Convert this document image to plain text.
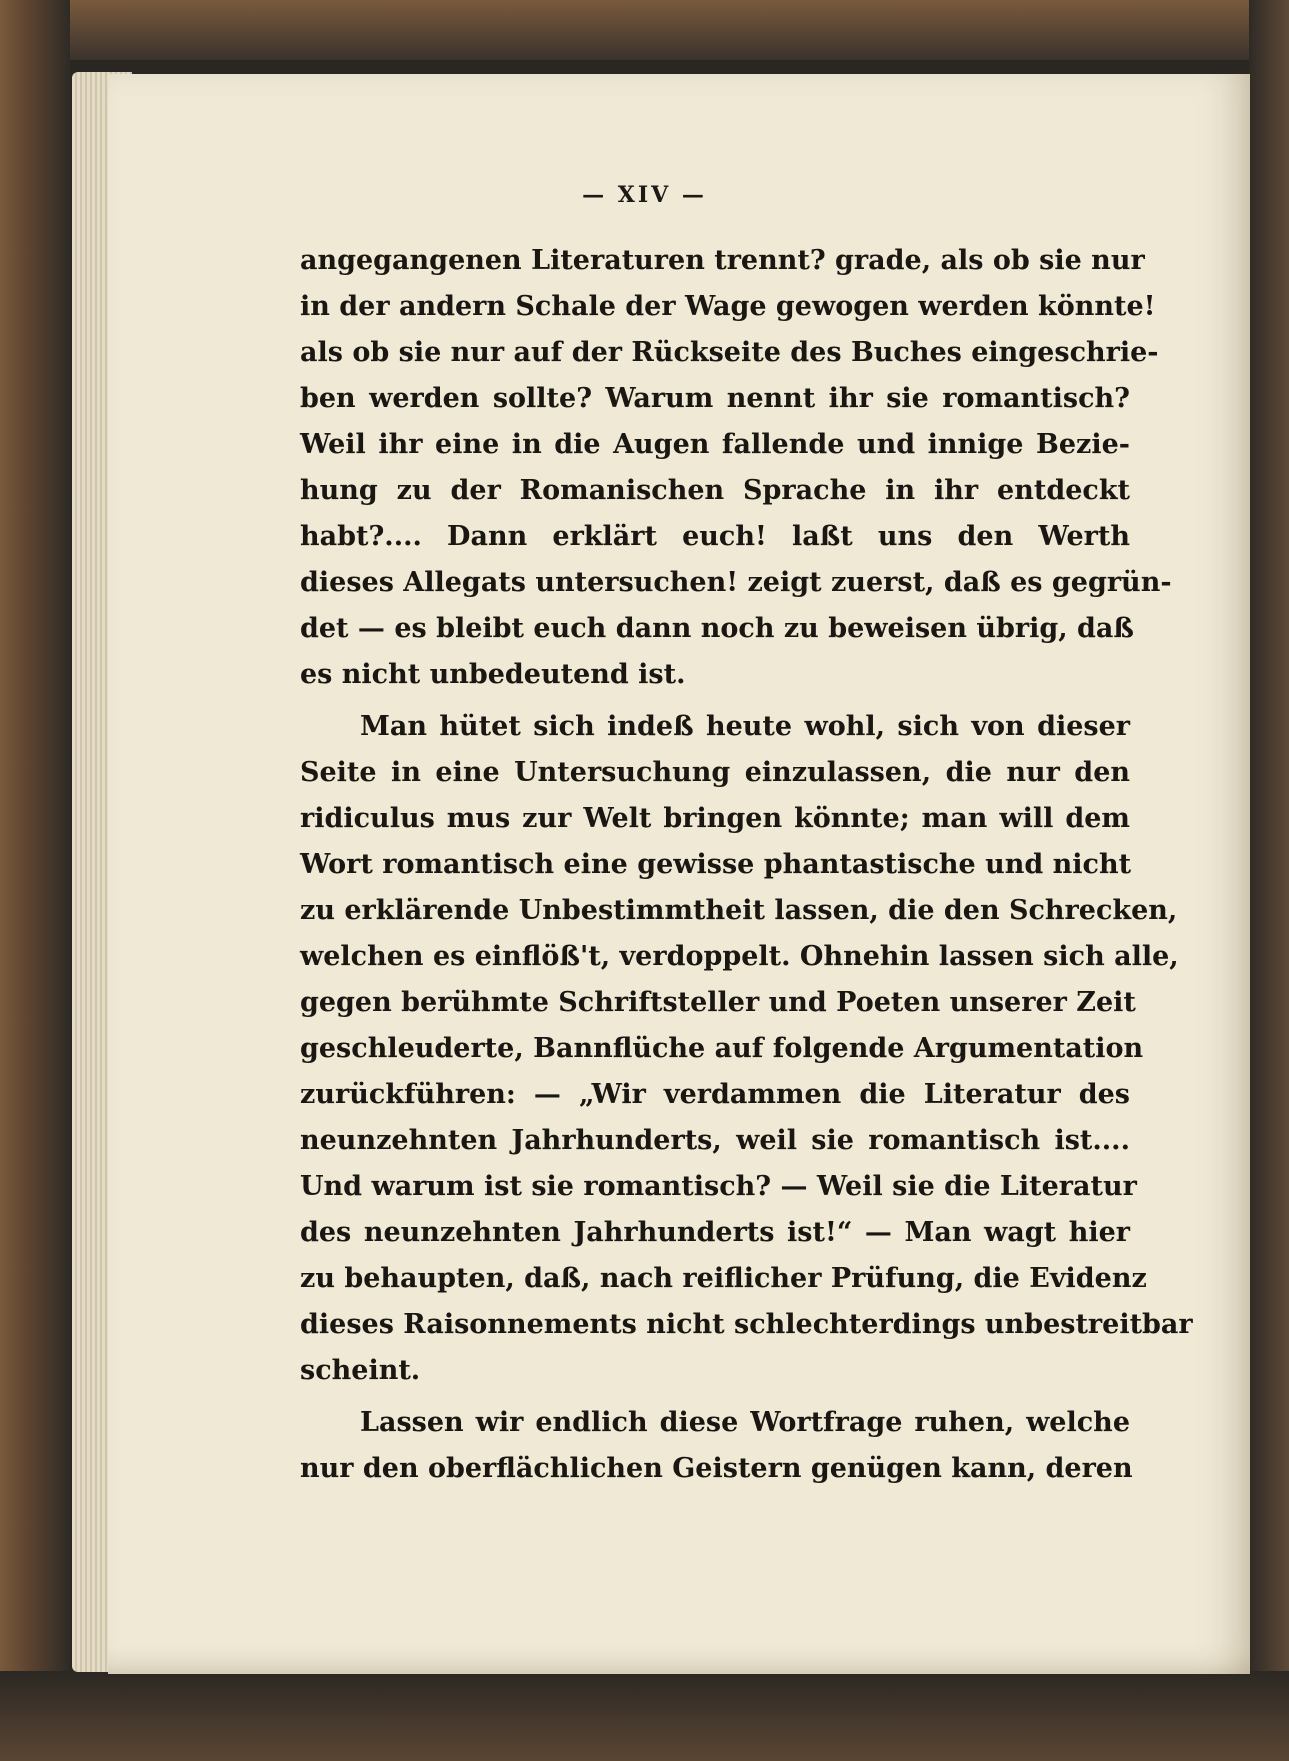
— XIV —
angegangenen Literaturen trennt? grade, als ob sie nur
in der andern Schale der Wage gewogen werden könnte!
als ob sie nur auf der Rückseite des Buches eingeschrie-
ben werden sollte? Warum nennt ihr sie romantisch?
Weil ihr eine in die Augen fallende und innige Bezie-
hung zu der Romanischen Sprache in ihr entdeckt
habt?.... Dann erklärt euch! laßt uns den Werth
dieses Allegats untersuchen! zeigt zuerst, daß es gegrün-
det — es bleibt euch dann noch zu beweisen übrig, daß
es nicht unbedeutend ist.
Man hütet sich indeß heute wohl, sich von dieser
Seite in eine Untersuchung einzulassen, die nur den
ridiculus mus zur Welt bringen könnte; man will dem
Wort romantisch eine gewisse phantastische und nicht
zu erklärende Unbestimmtheit lassen, die den Schrecken,
welchen es einflöß't, verdoppelt. Ohnehin lassen sich alle,
gegen berühmte Schriftsteller und Poeten unserer Zeit
geschleuderte, Bannflüche auf folgende Argumentation
zurückführen: — „Wir verdammen die Literatur des
neunzehnten Jahrhunderts, weil sie romantisch ist....
Und warum ist sie romantisch? — Weil sie die Literatur
des neunzehnten Jahrhunderts ist!“ — Man wagt hier
zu behaupten, daß, nach reiflicher Prüfung, die Evidenz
dieses Raisonnements nicht schlechterdings unbestreitbar
scheint.
Lassen wir endlich diese Wortfrage ruhen, welche
nur den oberflächlichen Geistern genügen kann, deren
